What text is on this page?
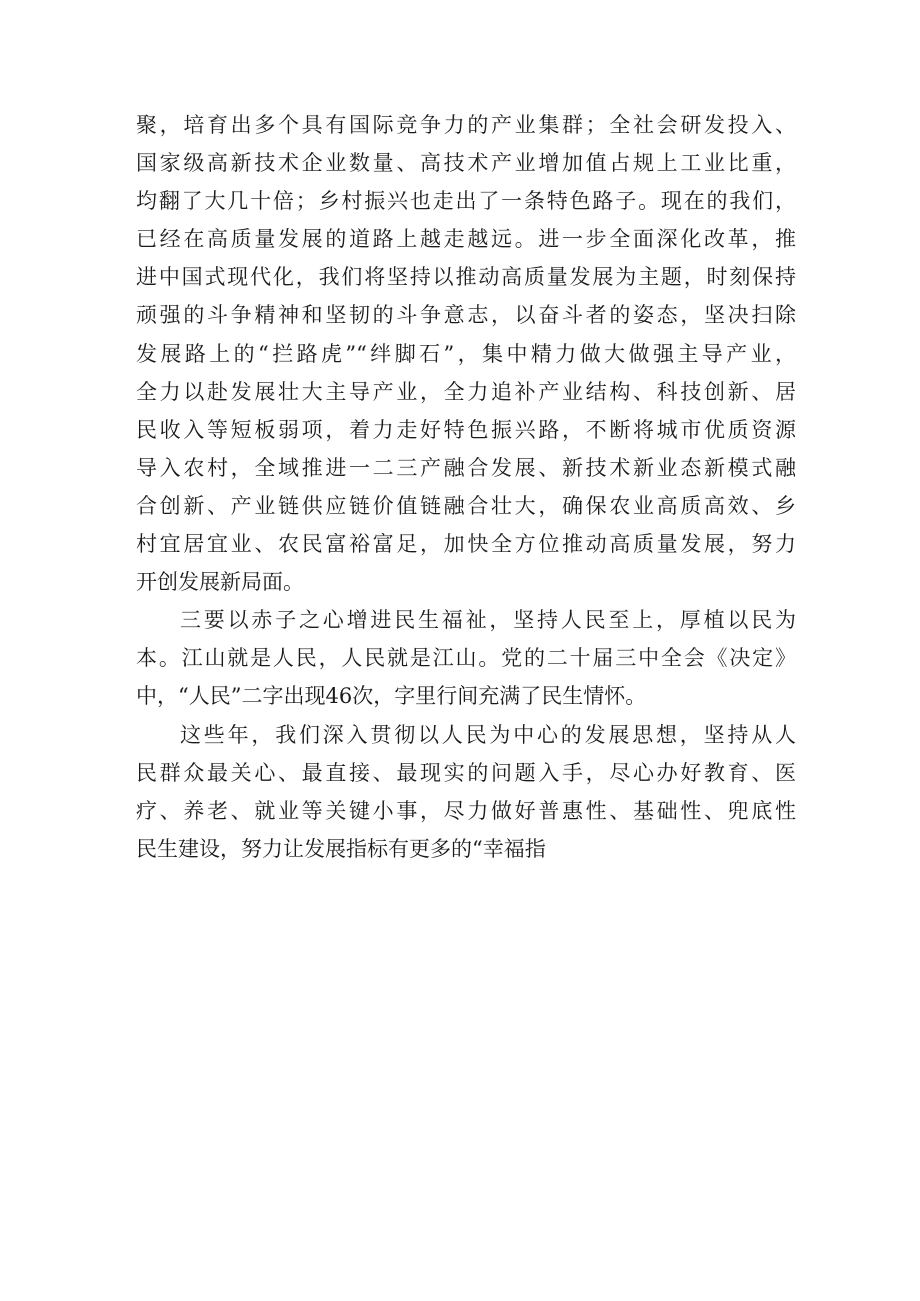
聚，培育出多个具有国际竞争力的产业集群；全社会研发投入、
国家级高新技术企业数量、高技术产业增加值占规上工业比重，
均翻了大几十倍；乡村振兴也走出了一条特色路子。现在的我们，
已经在高质量发展的道路上越走越远。进一步全面深化改革，推
进中国式现代化，我们将坚持以推动高质量发展为主题，时刻保持
顽强的斗争精神和坚韧的斗争意志，以奋斗者的姿态，坚决扫除
发展路上的“拦路虎”“绊脚石”，集中精力做大做强主导产业，
全力以赴发展壮大主导产业，全力追补产业结构、科技创新、居
民收入等短板弱项，着力走好特色振兴路，不断将城市优质资源
导入农村，全域推进一二三产融合发展、新技术新业态新模式融
合创新、产业链供应链价值链融合壮大，确保农业高质高效、乡
村宜居宜业、农民富裕富足，加快全方位推动高质量发展，努力
开创发展新局面。
三要以赤子之心增进民生福祉，坚持人民至上，厚植以民为
本。江山就是人民，人民就是江山。党的二十届三中全会《决定》
中，“人民”二字出现46次，字里行间充满了民生情怀。
这些年，我们深入贯彻以人民为中心的发展思想，坚持从人
民群众最关心、最直接、最现实的问题入手，尽心办好教育、医
疗、养老、就业等关键小事，尽力做好普惠性、基础性、兜底性
民生建设，努力让发展指标有更多的“幸福指
